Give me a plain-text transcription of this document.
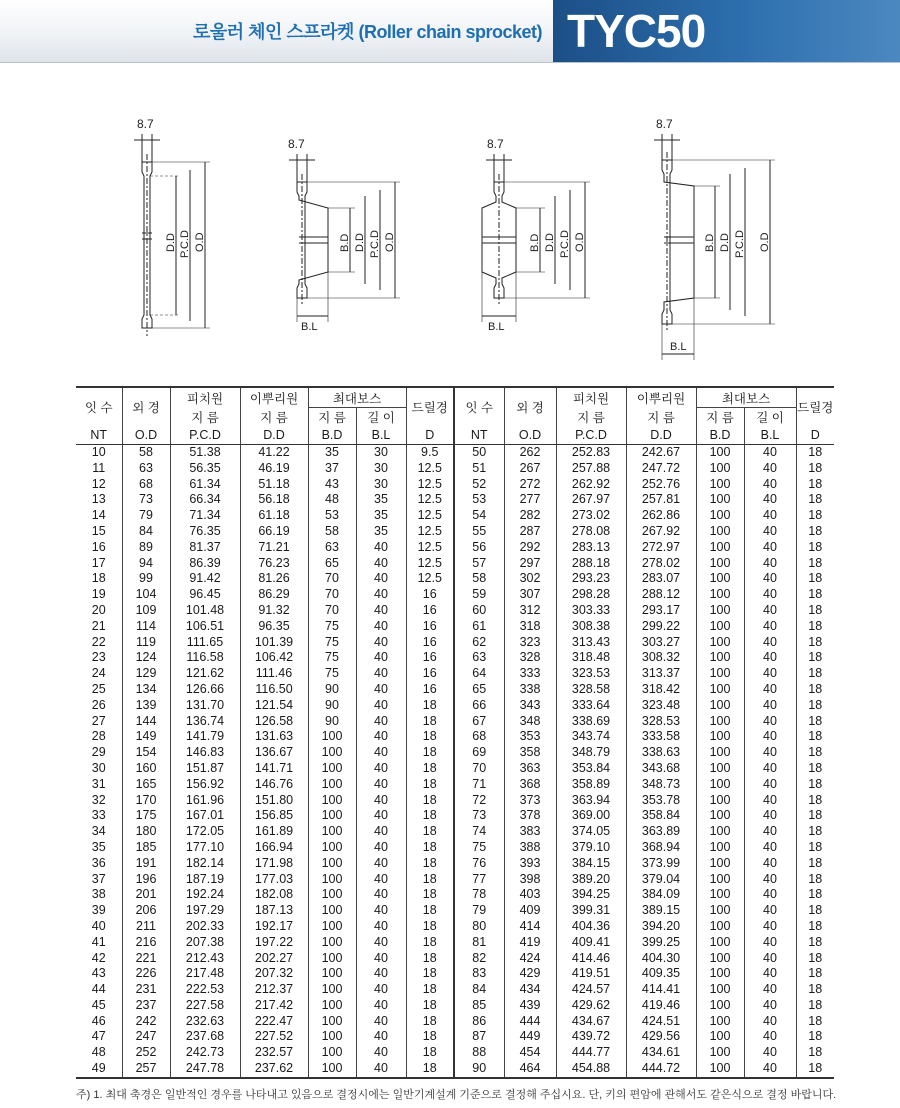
로울러 체인 스프라켓 (Roller chain sprocket) TYC50
8.7
D.D P.C.D O.D
8.7
B.L
B.D D.D P.C.D O.D
8.7
B.L
B.D D.D P.C.D O.D
8.7
B.L
B.D D.D P.C.D O.D
잇 수	외 경	피치원	이뿌리원	최대보스		드릴경	잇 수	외 경	피치원	이뿌리원	최대보스		드릴경
		지 름	지 름	지 름	길 이				지 름	지 름	지 름	길 이	
NT	O.D	P.C.D	D.D	B.D	B.L	D	NT	O.D	P.C.D	D.D	B.D	B.L	D
10	58	51.38	41.22	35	30	9.5	50	262	252.83	242.67	100	40	18
11	63	56.35	46.19	37	30	12.5	51	267	257.88	247.72	100	40	18
12	68	61.34	51.18	43	30	12.5	52	272	262.92	252.76	100	40	18
13	73	66.34	56.18	48	35	12.5	53	277	267.97	257.81	100	40	18
14	79	71.34	61.18	53	35	12.5	54	282	273.02	262.86	100	40	18
15	84	76.35	66.19	58	35	12.5	55	287	278.08	267.92	100	40	18
16	89	81.37	71.21	63	40	12.5	56	292	283.13	272.97	100	40	18
17	94	86.39	76.23	65	40	12.5	57	297	288.18	278.02	100	40	18
18	99	91.42	81.26	70	40	12.5	58	302	293.23	283.07	100	40	18
19	104	96.45	86.29	70	40	16	59	307	298.28	288.12	100	40	18
20	109	101.48	91.32	70	40	16	60	312	303.33	293.17	100	40	18
21	114	106.51	96.35	75	40	16	61	318	308.38	299.22	100	40	18
22	119	111.65	101.39	75	40	16	62	323	313.43	303.27	100	40	18
23	124	116.58	106.42	75	40	16	63	328	318.48	308.32	100	40	18
24	129	121.62	111.46	75	40	16	64	333	323.53	313.37	100	40	18
25	134	126.66	116.50	90	40	16	65	338	328.58	318.42	100	40	18
26	139	131.70	121.54	90	40	18	66	343	333.64	323.48	100	40	18
27	144	136.74	126.58	90	40	18	67	348	338.69	328.53	100	40	18
28	149	141.79	131.63	100	40	18	68	353	343.74	333.58	100	40	18
29	154	146.83	136.67	100	40	18	69	358	348.79	338.63	100	40	18
30	160	151.87	141.71	100	40	18	70	363	353.84	343.68	100	40	18
31	165	156.92	146.76	100	40	18	71	368	358.89	348.73	100	40	18
32	170	161.96	151.80	100	40	18	72	373	363.94	353.78	100	40	18
33	175	167.01	156.85	100	40	18	73	378	369.00	358.84	100	40	18
34	180	172.05	161.89	100	40	18	74	383	374.05	363.89	100	40	18
35	185	177.10	166.94	100	40	18	75	388	379.10	368.94	100	40	18
36	191	182.14	171.98	100	40	18	76	393	384.15	373.99	100	40	18
37	196	187.19	177.03	100	40	18	77	398	389.20	379.04	100	40	18
38	201	192.24	182.08	100	40	18	78	403	394.25	384.09	100	40	18
39	206	197.29	187.13	100	40	18	79	409	399.31	389.15	100	40	18
40	211	202.33	192.17	100	40	18	80	414	404.36	394.20	100	40	18
41	216	207.38	197.22	100	40	18	81	419	409.41	399.25	100	40	18
42	221	212.43	202.27	100	40	18	82	424	414.46	404.30	100	40	18
43	226	217.48	207.32	100	40	18	83	429	419.51	409.35	100	40	18
44	231	222.53	212.37	100	40	18	84	434	424.57	414.41	100	40	18
45	237	227.58	217.42	100	40	18	85	439	429.62	419.46	100	40	18
46	242	232.63	222.47	100	40	18	86	444	434.67	424.51	100	40	18
47	247	237.68	227.52	100	40	18	87	449	439.72	429.56	100	40	18
48	252	242.73	232.57	100	40	18	88	454	444.77	434.61	100	40	18
49	257	247.78	237.62	100	40	18	90	464	454.88	444.72	100	40	18
주) 1. 최대 축경은 일반적인 경우를 나타내고 있음으로 결정시에는 일반기계설계 기준으로 결정해 주십시요. 단, 키의 편암에 관해서도 같은식으로 결정 바랍니다.
